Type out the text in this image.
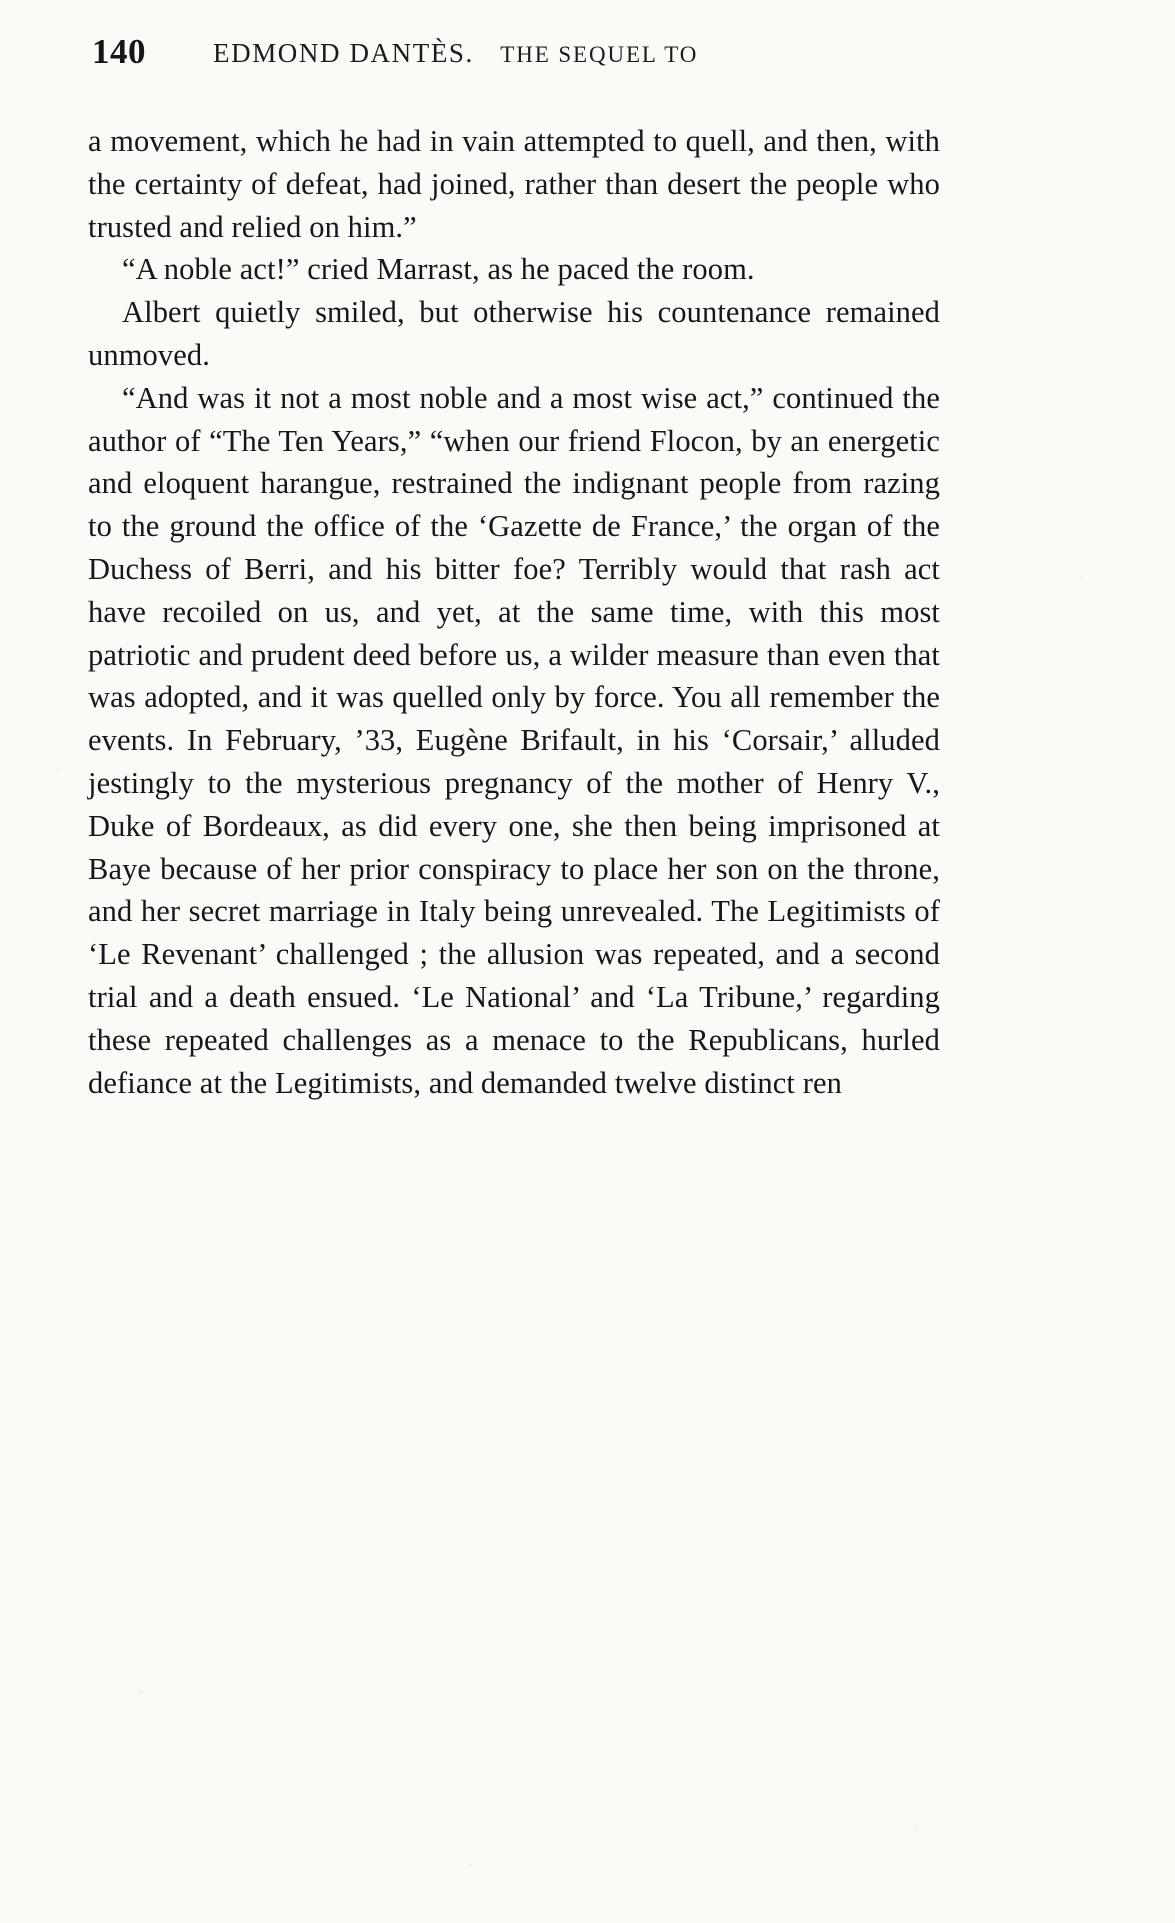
140 EDMOND DANTÈS. THE SEQUEL TO

a movement, which he had in vain attempted to quell, and then, with the certainty of defeat, had joined, rather than desert the people who trusted and relied on him.”

“A noble act!” cried Marrast, as he paced the room.

Albert quietly smiled, but otherwise his countenance remained unmoved.

“And was it not a most noble and a most wise act,” continued the author of “The Ten Years,” “when our friend Flocon, by an energetic and eloquent harangue, restrained the indignant people from razing to the ground the office of the ‘Gazette de France,’ the organ of the Duchess of Berri, and his bitter foe? Terribly would that rash act have recoiled on us, and yet, at the same time, with this most patriotic and prudent deed before us, a wilder measure than even that was adopted, and it was quelled only by force. You all remember the events. In February, ’33, Eugène Brifault, in his ‘Corsair,’ alluded jestingly to the mysterious pregnancy of the mother of Henry V., Duke of Bordeaux, as did every one, she then being imprisoned at Baye because of her prior conspiracy to place her son on the throne, and her secret marriage in Italy being unrevealed. The Legitimists of ‘Le Revenant’ challenged ; the allusion was repeated, and a second trial and a death ensued. ‘Le National’ and ‘La Tribune,’ regarding these repeated challenges as a menace to the Republicans, hurled defiance at the Legitimists, and demanded twelve distinct ren
